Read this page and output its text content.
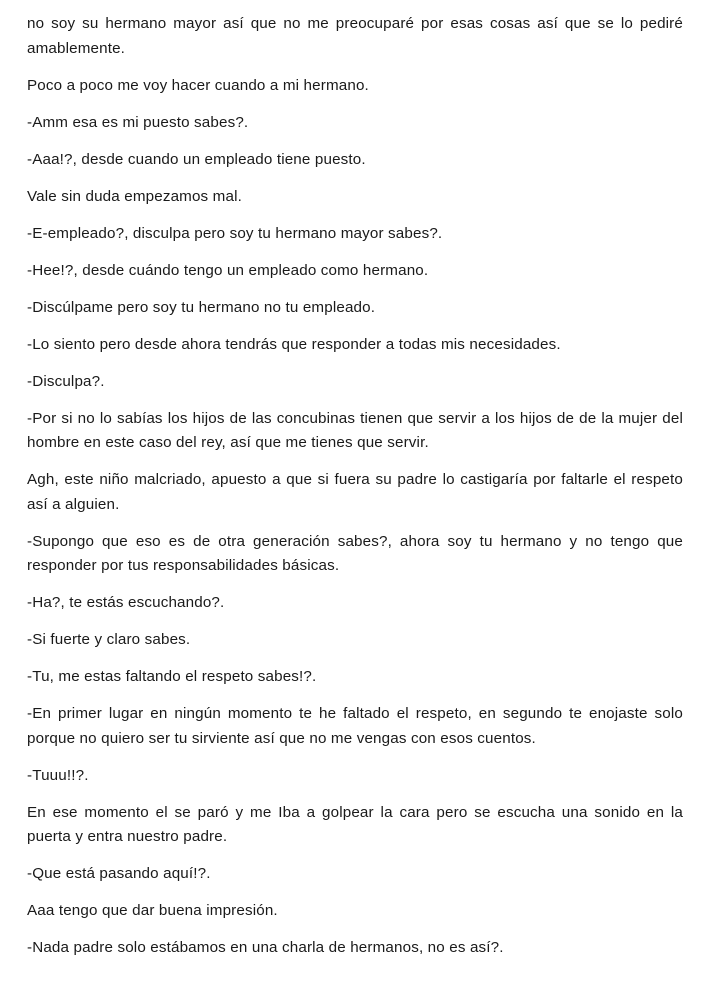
no soy su hermano mayor así que no me preocuparé por esas cosas así que se lo pediré amablemente.

Poco a poco me voy hacer cuando a mi hermano.

-Amm esa es mi puesto sabes?.

-Aaa!?, desde cuando un empleado tiene puesto.

Vale sin duda empezamos mal.

-E-empleado?, disculpa pero soy tu hermano mayor sabes?.

-Hee!?, desde cuándo tengo un empleado como hermano.

-Discúlpame pero soy tu hermano no tu empleado.

-Lo siento pero desde ahora tendrás que responder a todas mis necesidades.

-Disculpa?.

-Por si no lo sabías los hijos de las concubinas tienen que servir a los hijos de de la mujer del hombre en este caso del rey, así que me tienes que servir.

Agh, este niño malcriado, apuesto a que si fuera su padre lo castigaría por faltarle el respeto así a alguien.

-Supongo que eso es de otra generación sabes?, ahora soy tu hermano y no tengo que responder por tus responsabilidades básicas.

-Ha?, te estás escuchando?.

-Si fuerte y claro sabes.

-Tu, me estas faltando el respeto sabes!?.

-En primer lugar en ningún momento te he faltado el respeto, en segundo te enojaste solo porque no quiero ser tu sirviente así que no me vengas con esos cuentos.

-Tuuu!!?.

En ese momento el se paró y me Iba a golpear la cara pero se escucha una sonido en la puerta y entra nuestro padre.

-Que está pasando aquí!?.

Aaa tengo que dar buena impresión.

-Nada padre solo estábamos en una charla de hermanos, no es así?.
